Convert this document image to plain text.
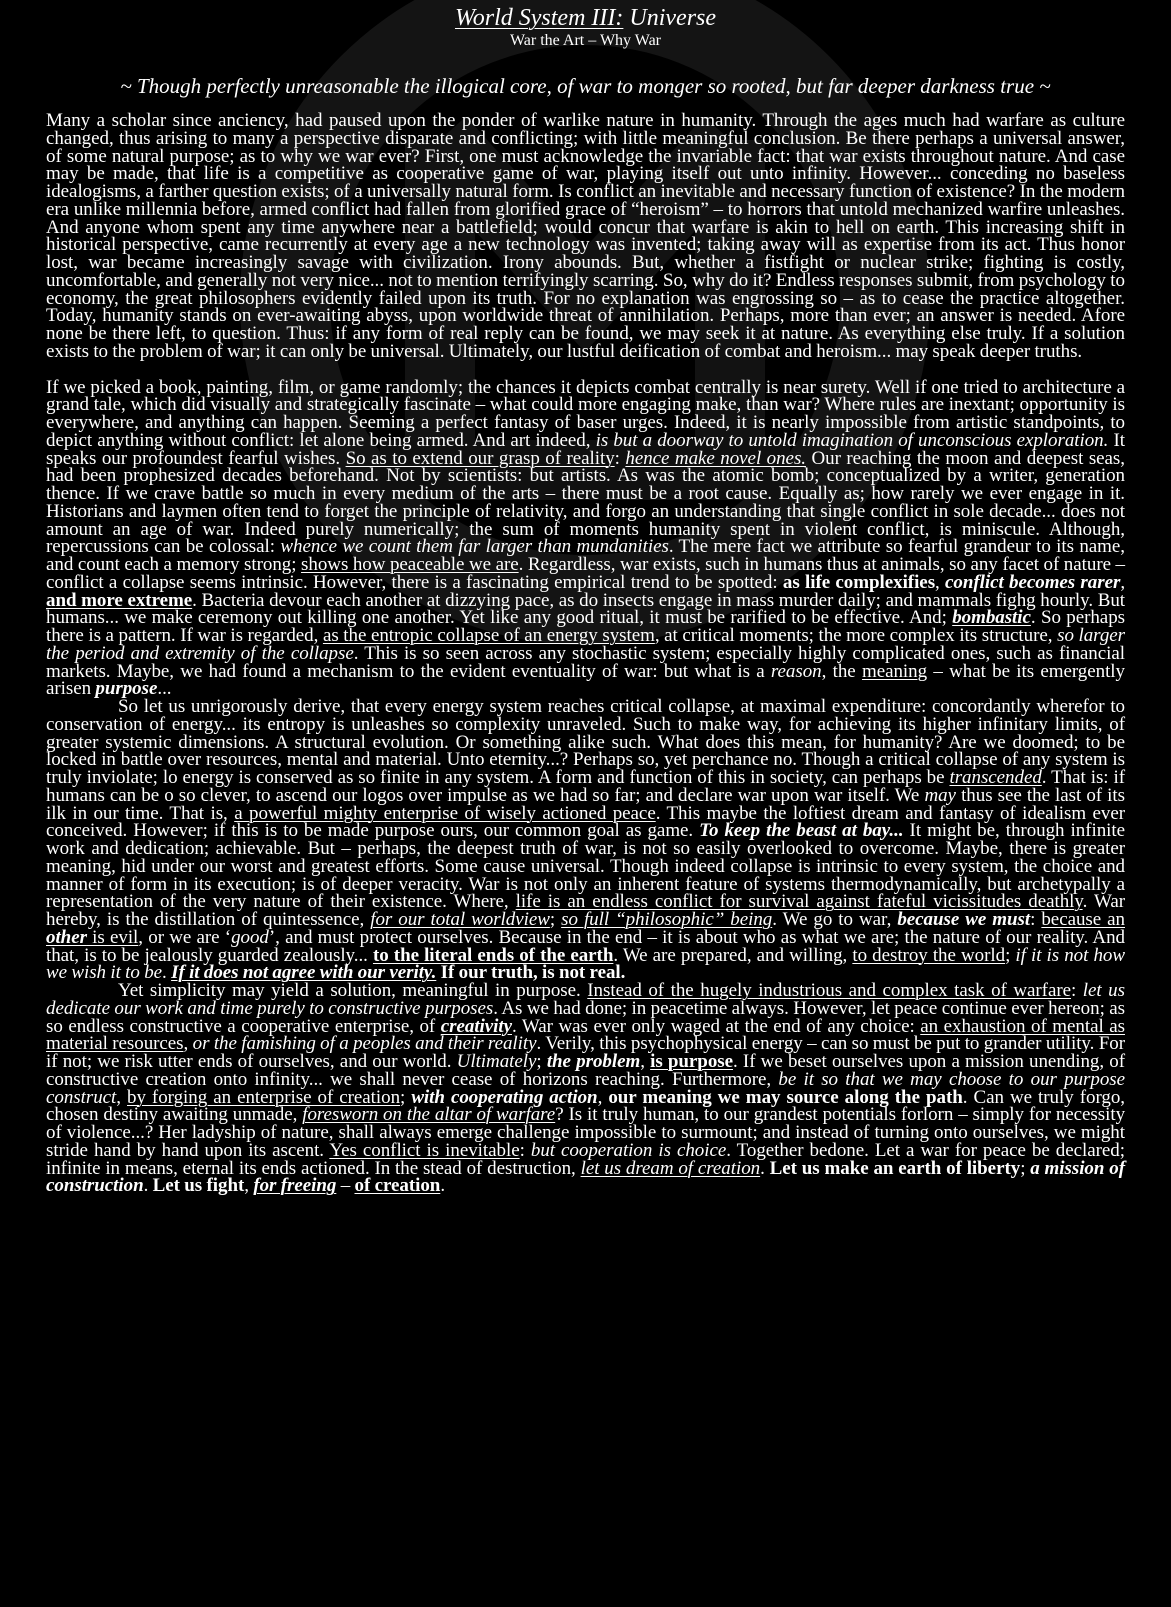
World System III: Universe
War the Art – Why War
~ Though perfectly unreasonable the illogical core, of war to monger so rooted, but far deeper darkness true ~

Many a scholar since anciency, had paused upon the ponder of warlike nature in humanity. Through the ages much had warfare as culture changed, thus arising to many a perspective disparate and conflicting; with little meaningful conclusion. Be there perhaps a universal answer, of some natural purpose; as to why we war ever? First, one must acknowledge the invariable fact: that war exists throughout nature. And case may be made, that life is a competitive as cooperative game of war, playing itself out unto infinity. However... conceding no baseless idealogisms, a farther question exists; of a universally natural form. Is conflict an inevitable and necessary function of existence? In the modern era unlike millennia before, armed conflict had fallen from glorified grace of “heroism” – to horrors that untold mechanized warfire unleashes. And anyone whom spent any time anywhere near a battlefield; would concur that warfare is akin to hell on earth. This increasing shift in historical perspective, came recurrently at every age a new technology was invented; taking away will as expertise from its act. Thus honor lost, war became increasingly savage with civilization. Irony abounds. But, whether a fistfight or nuclear strike; fighting is costly, uncomfortable, and generally not very nice... not to mention terrifyingly scarring. So, why do it? Endless responses submit, from psychology to economy, the great philosophers evidently failed upon its truth. For no explanation was engrossing so – as to cease the practice altogether. Today, humanity stands on ever-awaiting abyss, upon worldwide threat of annihilation. Perhaps, more than ever; an answer is needed. Afore none be there left, to question. Thus: if any form of real reply can be found, we may seek it at nature. As everything else truly. If a solution exists to the problem of war; it can only be universal. Ultimately, our lustful deification of combat and heroism... may speak deeper truths.

If we picked a book, painting, film, or game randomly; the chances it depicts combat centrally is near surety. Well if one tried to architecture a grand tale, which did visually and strategically fascinate – what could more engaging make, than war? Where rules are inextant; opportunity is everywhere, and anything can happen. Seeming a perfect fantasy of baser urges. Indeed, it is nearly impossible from artistic standpoints, to depict anything without conflict: let alone being armed. And art indeed, is but a doorway to untold imagination of unconscious exploration. It speaks our profoundest fearful wishes. So as to extend our grasp of reality: hence make novel ones. Our reaching the moon and deepest seas, had been prophesized decades beforehand. Not by scientists: but artists. As was the atomic bomb; conceptualized by a writer, generation thence. If we crave battle so much in every medium of the arts – there must be a root cause. Equally as; how rarely we ever engage in it. Historians and laymen often tend to forget the principle of relativity, and forgo an understanding that single conflict in sole decade... does not amount an age of war. Indeed purely numerically; the sum of moments humanity spent in violent conflict, is miniscule. Although, repercussions can be colossal: whence we count them far larger than mundanities. The mere fact we attribute so fearful grandeur to its name, and count each a memory strong; shows how peaceable we are. Regardless, war exists, such in humans thus at animals, so any facet of nature – conflict a collapse seems intrinsic. However, there is a fascinating empirical trend to be spotted: as life complexifies, conflict becomes rarer, and more extreme. Bacteria devour each another at dizzying pace, as do insects engage in mass murder daily; and mammals fighg hourly. But humans... we make ceremony out killing one another. Yet like any good ritual, it must be rarified to be effective. And; bombastic. So perhaps there is a pattern. If war is regarded, as the entropic collapse of an energy system, at critical moments; the more complex its structure, so larger the period and extremity of the collapse. This is so seen across any stochastic system; especially highly complicated ones, such as financial markets. Maybe, we had found a mechanism to the evident eventuality of war: but what is a reason, the meaning – what be its emergently arisen purpose...

So let us unrigorously derive, that every energy system reaches critical collapse, at maximal expenditure: concordantly wherefor to conservation of energy... its entropy is unleashes so complexity unraveled. Such to make way, for achieving its higher infinitary limits, of greater systemic dimensions. A structural evolution. Or something alike such. What does this mean, for humanity? Are we doomed; to be locked in battle over resources, mental and material. Unto eternity...? Perhaps so, yet perchance no. Though a critical collapse of any system is truly inviolate; lo energy is conserved as so finite in any system. A form and function of this in society, can perhaps be transcended. That is: if humans can be o so clever, to ascend our logos over impulse as we had so far; and declare war upon war itself. We may thus see the last of its ilk in our time. That is, a powerful mighty enterprise of wisely actioned peace. This maybe the loftiest dream and fantasy of idealism ever conceived. However; if this is to be made purpose ours, our common goal as game. To keep the beast at bay... It might be, through infinite work and dedication; achievable. But – perhaps, the deepest truth of war, is not so easily overlooked to overcome. Maybe, there is greater meaning, hid under our worst and greatest efforts. Some cause universal. Though indeed collapse is intrinsic to every system, the choice and manner of form in its execution; is of deeper veracity. War is not only an inherent feature of systems thermodynamically, but archetypally a representation of the very nature of their existence. Where, life is an endless conflict for survival against fateful vicissitudes deathly. War hereby, is the distillation of quintessence, for our total worldview; so full “philosophic” being. We go to war, because we must: because an other is evil, or we are ‘good’, and must protect ourselves. Because in the end – it is about who as what we are; the nature of our reality. And that, is to be jealously guarded zealously... to the literal ends of the earth. We are prepared, and willing, to destroy the world; if it is not how we wish it to be. If it does not agree with our verity. If our truth, is not real.

Yet simplicity may yield a solution, meaningful in purpose. Instead of the hugely industrious and complex task of warfare: let us dedicate our work and time purely to constructive purposes. As we had done; in peacetime always. However, let peace continue ever hereon; as so endless constructive a cooperative enterprise, of creativity. War was ever only waged at the end of any choice: an exhaustion of mental as material resources, or the famishing of a peoples and their reality. Verily, this psychophysical energy – can so must be put to grander utility. For if not; we risk utter ends of ourselves, and our world. Ultimately; the problem, is purpose. If we beset ourselves upon a mission unending, of constructive creation onto infinity... we shall never cease of horizons reaching. Furthermore, be it so that we may choose to our purpose construct, by forging an enterprise of creation; with cooperating action, our meaning we may source along the path. Can we truly forgo, chosen destiny awaiting unmade, foresworn on the altar of warfare? Is it truly human, to our grandest potentials forlorn – simply for necessity of violence...? Her ladyship of nature, shall always emerge challenge impossible to surmount; and instead of turning onto ourselves, we might stride hand by hand upon its ascent. Yes conflict is inevitable: but cooperation is choice. Together bedone. Let a war for peace be declared; infinite in means, eternal its ends actioned. In the stead of destruction, let us dream of creation. Let us make an earth of liberty; a mission of construction. Let us fight, for freeing – of creation.
